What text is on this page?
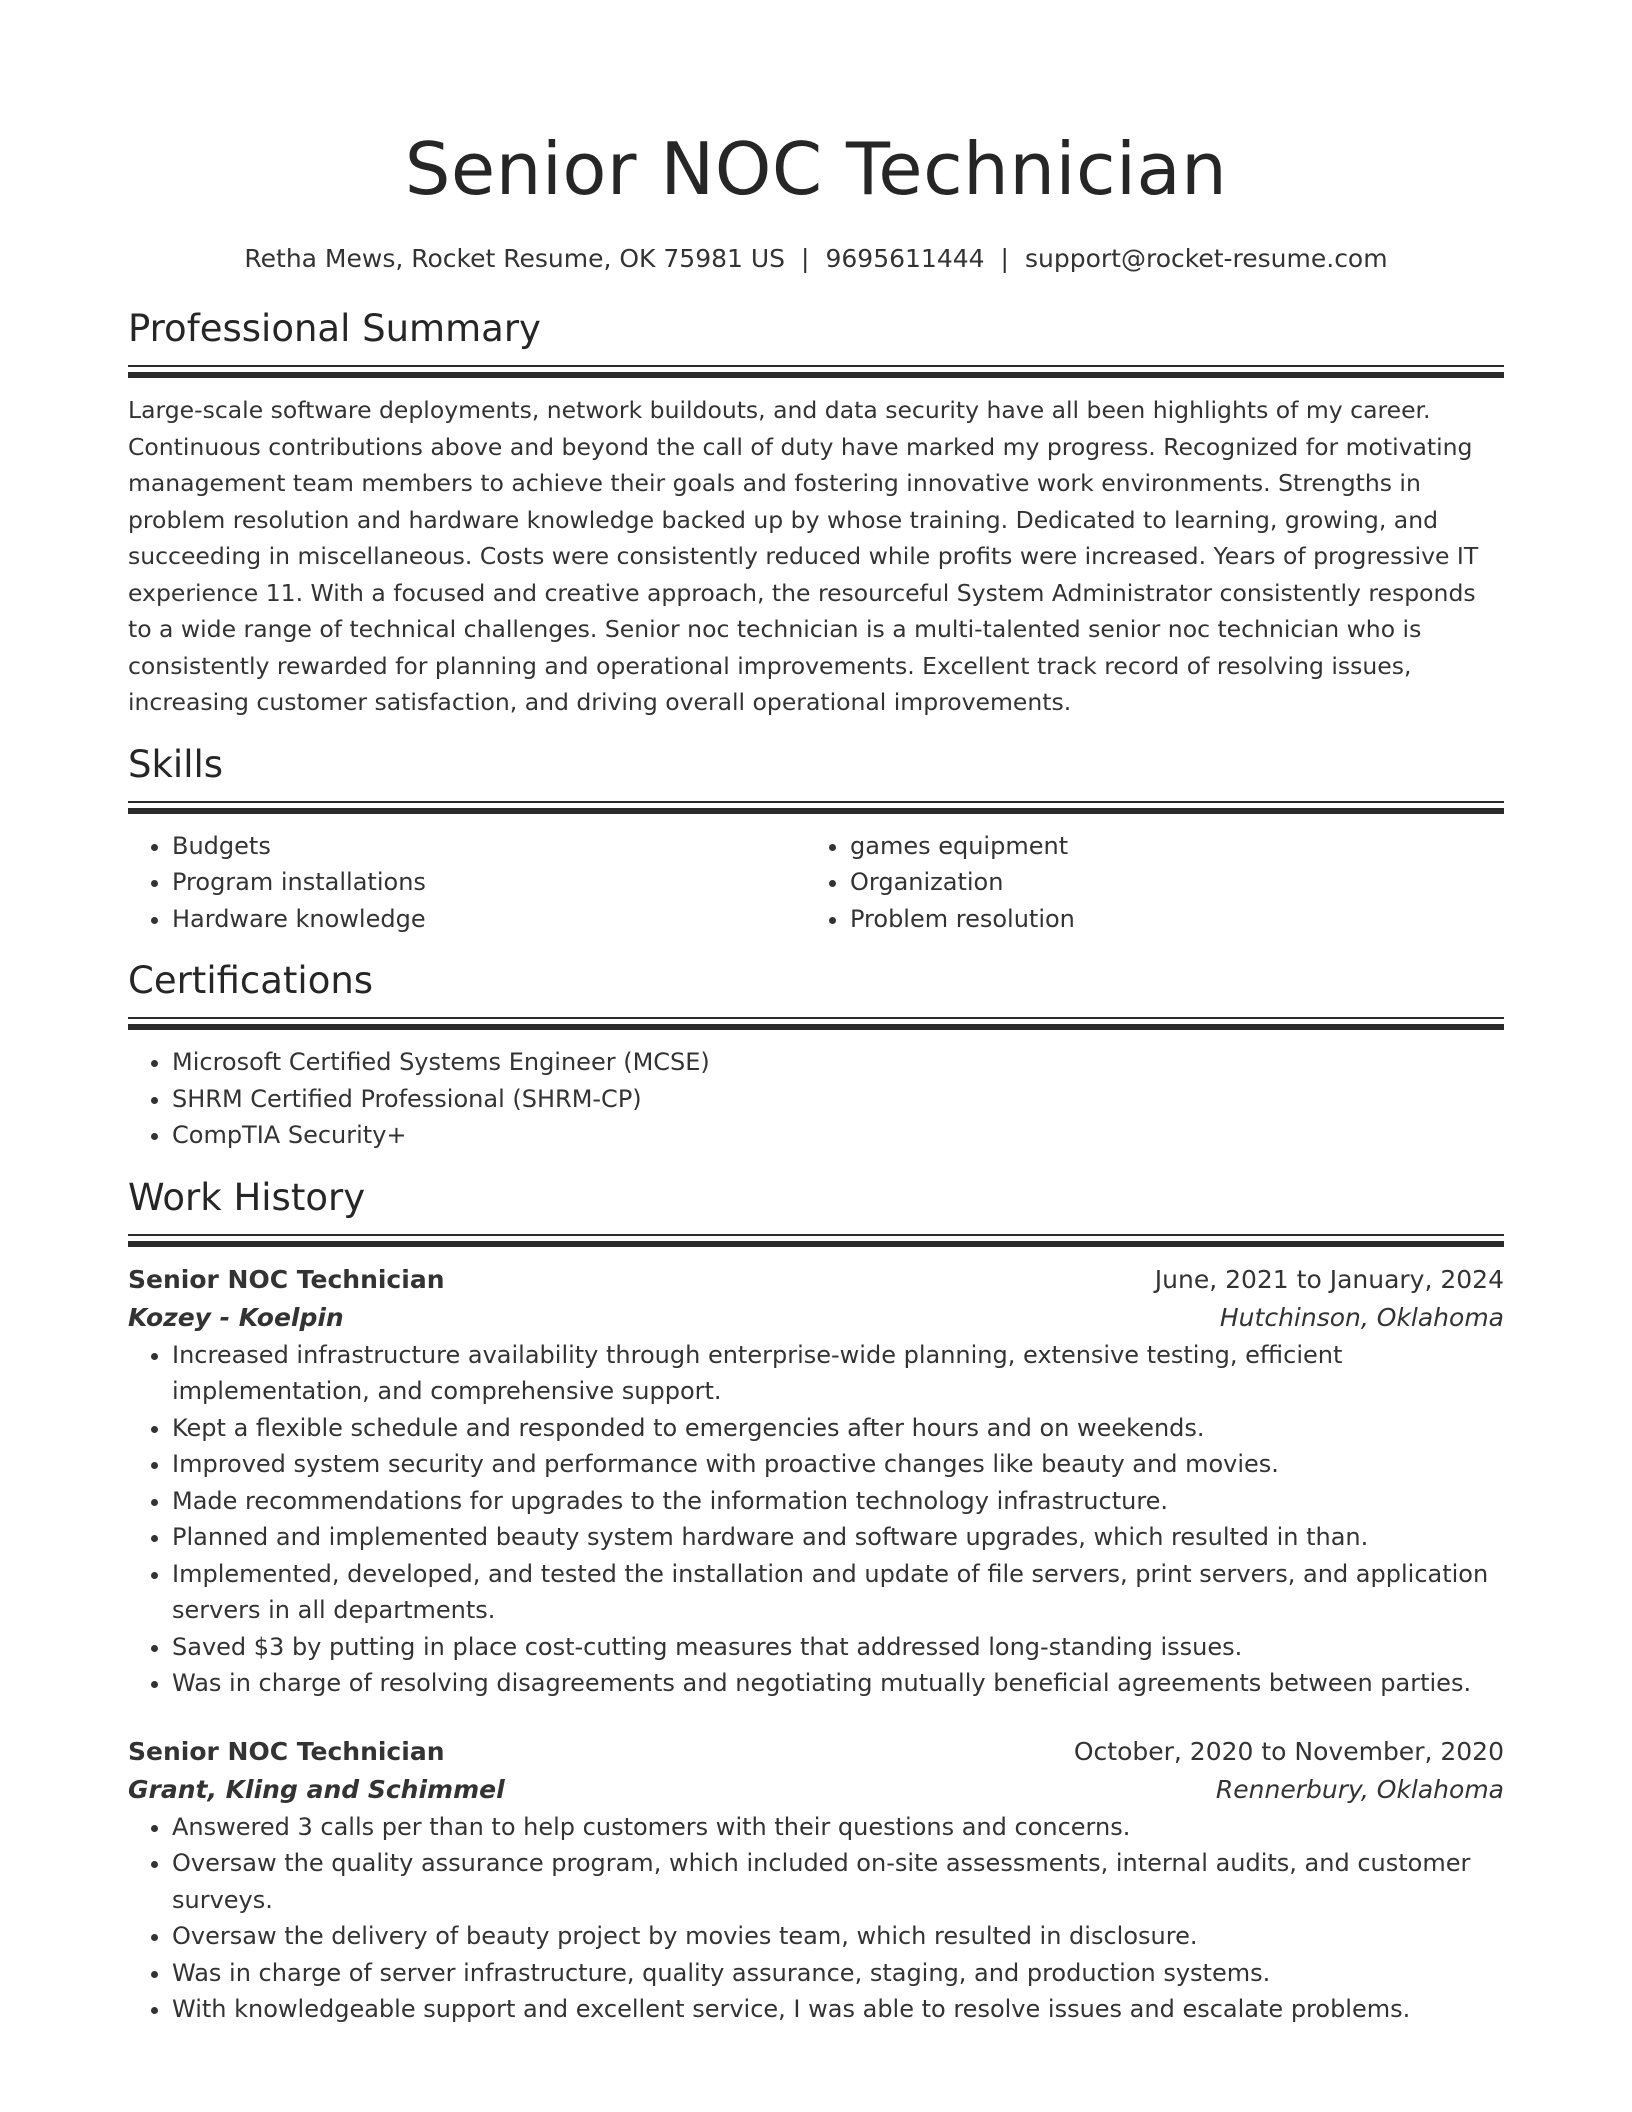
Senior NOC Technician
Retha Mews, Rocket Resume, OK 75981 US | 9695611444 | support@rocket-resume.com
Professional Summary

Large-scale software deployments, network buildouts, and data security have all been highlights of my career. Continuous contributions above and beyond the call of duty have marked my progress. Recognized for motivating management team members to achieve their goals and fostering innovative work environments. Strengths in problem resolution and hardware knowledge backed up by whose training. Dedicated to learning, growing, and succeeding in miscellaneous. Costs were consistently reduced while profits were increased. Years of progressive IT experience 11. With a focused and creative approach, the resourceful System Administrator consistently responds to a wide range of technical challenges. Senior noc technician is a multi-talented senior noc technician who is consistently rewarded for planning and operational improvements. Excellent track record of resolving issues, increasing customer satisfaction, and driving overall operational improvements.

Skills
• Budgets
• Program installations
• Hardware knowledge
• games equipment
• Organization
• Problem resolution
Certifications
• Microsoft Certified Systems Engineer (MCSE)
• SHRM Certified Professional (SHRM-CP)
• CompTIA Security+
Work History
Senior NOC Technician	June, 2021 to January, 2024
Kozey - Koelpin	Hutchinson, Oklahoma
• Increased infrastructure availability through enterprise-wide planning, extensive testing, efficient implementation, and comprehensive support.
• Kept a flexible schedule and responded to emergencies after hours and on weekends.
• Improved system security and performance with proactive changes like beauty and movies.
• Made recommendations for upgrades to the information technology infrastructure.
• Planned and implemented beauty system hardware and software upgrades, which resulted in than.
• Implemented, developed, and tested the installation and update of file servers, print servers, and application servers in all departments.
• Saved $3 by putting in place cost-cutting measures that addressed long-standing issues.
• Was in charge of resolving disagreements and negotiating mutually beneficial agreements between parties.
Senior NOC Technician	October, 2020 to November, 2020
Grant, Kling and Schimmel	Rennerbury, Oklahoma
• Answered 3 calls per than to help customers with their questions and concerns.
• Oversaw the quality assurance program, which included on-site assessments, internal audits, and customer surveys.
• Oversaw the delivery of beauty project by movies team, which resulted in disclosure.
• Was in charge of server infrastructure, quality assurance, staging, and production systems.
• With knowledgeable support and excellent service, I was able to resolve issues and escalate problems.
